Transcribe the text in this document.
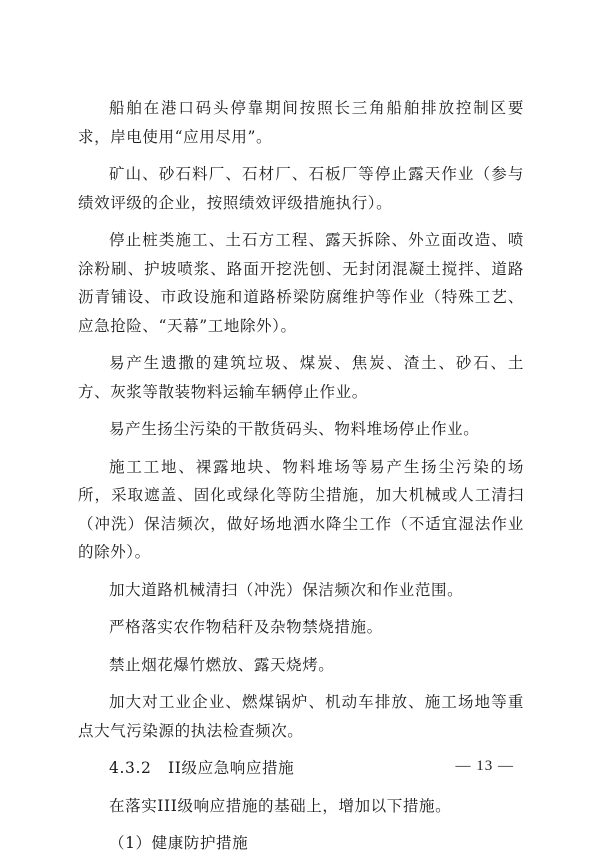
船舶在港口码头停靠期间按照长三角船舶排放控制区要求，岸电使用“应用尽用”。

矿山、砂石料厂、石材厂、石板厂等停止露天作业（参与绩效评级的企业，按照绩效评级措施执行）。

停止桩类施工、土石方工程、露天拆除、外立面改造、喷涂粉刷、护坡喷浆、路面开挖洗刨、无封闭混凝土搅拌、道路沥青铺设、市政设施和道路桥梁防腐维护等作业（特殊工艺、应急抢险、“天幕”工地除外）。

易产生遗撒的建筑垃圾、煤炭、焦炭、渣土、砂石、土方、灰浆等散装物料运输车辆停止作业。

易产生扬尘污染的干散货码头、物料堆场停止作业。

施工工地、裸露地块、物料堆场等易产生扬尘污染的场所，采取遮盖、固化或绿化等防尘措施，加大机械或人工清扫（冲洗）保洁频次，做好场地洒水降尘工作（不适宜湿法作业的除外）。

加大道路机械清扫（冲洗）保洁频次和作业范围。

严格落实农作物秸秆及杂物禁烧措施。

禁止烟花爆竹燃放、露天烧烤。

加大对工业企业、燃煤锅炉、机动车排放、施工场地等重点大气污染源的执法检查频次。

4.3.2 II级应急响应措施

在落实III级响应措施的基础上，增加以下措施。

（1）健康防护措施

— 13 —
